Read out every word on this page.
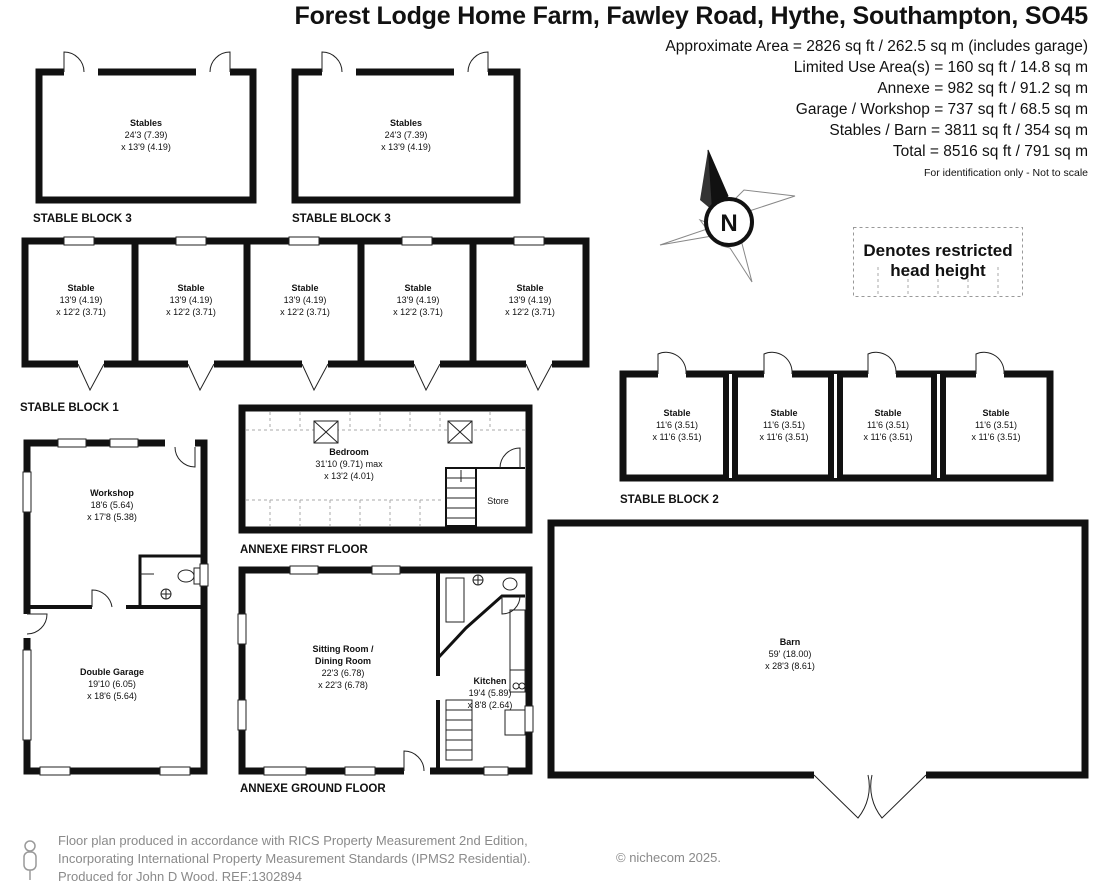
Forest Lodge Home Farm, Fawley Road, Hythe, Southampton, SO45
Approximate Area = 2826 sq ft / 262.5 sq m (includes garage)
Limited Use Area(s) = 160 sq ft / 14.8 sq m
Annexe = 982 sq ft / 91.2 sq m
Garage / Workshop = 737 sq ft / 68.5 sq m
Stables / Barn = 3811 sq ft / 354 sq m
Total = 8516 sq ft / 791 sq m
For identification only - Not to scale
Denotes restricted
head height
N
Stables
24'3 (7.39)
x 13'9 (4.19)
STABLE BLOCK 3
Stables
24'3 (7.39)
x 13'9 (4.19)
STABLE BLOCK 3
Stable
13'9 (4.19)
x 12'2 (3.71)
Stable
13'9 (4.19)
x 12'2 (3.71)
Stable
13'9 (4.19)
x 12'2 (3.71)
Stable
13'9 (4.19)
x 12'2 (3.71)
Stable
13'9 (4.19)
x 12'2 (3.71)
STABLE BLOCK 1	Stable
11'6 (3.51)
x 11'6 (3.51)
Stable
11'6 (3.51)
x 11'6 (3.51)
Stable
11'6 (3.51)
x 11'6 (3.51)
Stable
11'6 (3.51)
x 11'6 (3.51)
STABLE BLOCK 2
Workshop
18'6 (5.64)
x 17'8 (5.38)
Double Garage
19'10 (6.05)
x 18'6 (5.64)
Bedroom
31'10 (9.71) max
x 13'2 (4.01)
Store
ANNEXE FIRST FLOOR
Sitting Room /
Dining Room
22'3 (6.78)
x 22'3 (6.78)	Kitchen
19'4 (5.89)
x 8'8 (2.64)
ANNEXE GROUND FLOOR
Barn
59' (18.00)
x 28'3 (8.61)
Floor plan produced in accordance with RICS Property Measurement 2nd Edition,
Incorporating International Property Measurement Standards (IPMS2 Residential).
Produced for John D Wood. REF:1302894
© nichecom 2025.
